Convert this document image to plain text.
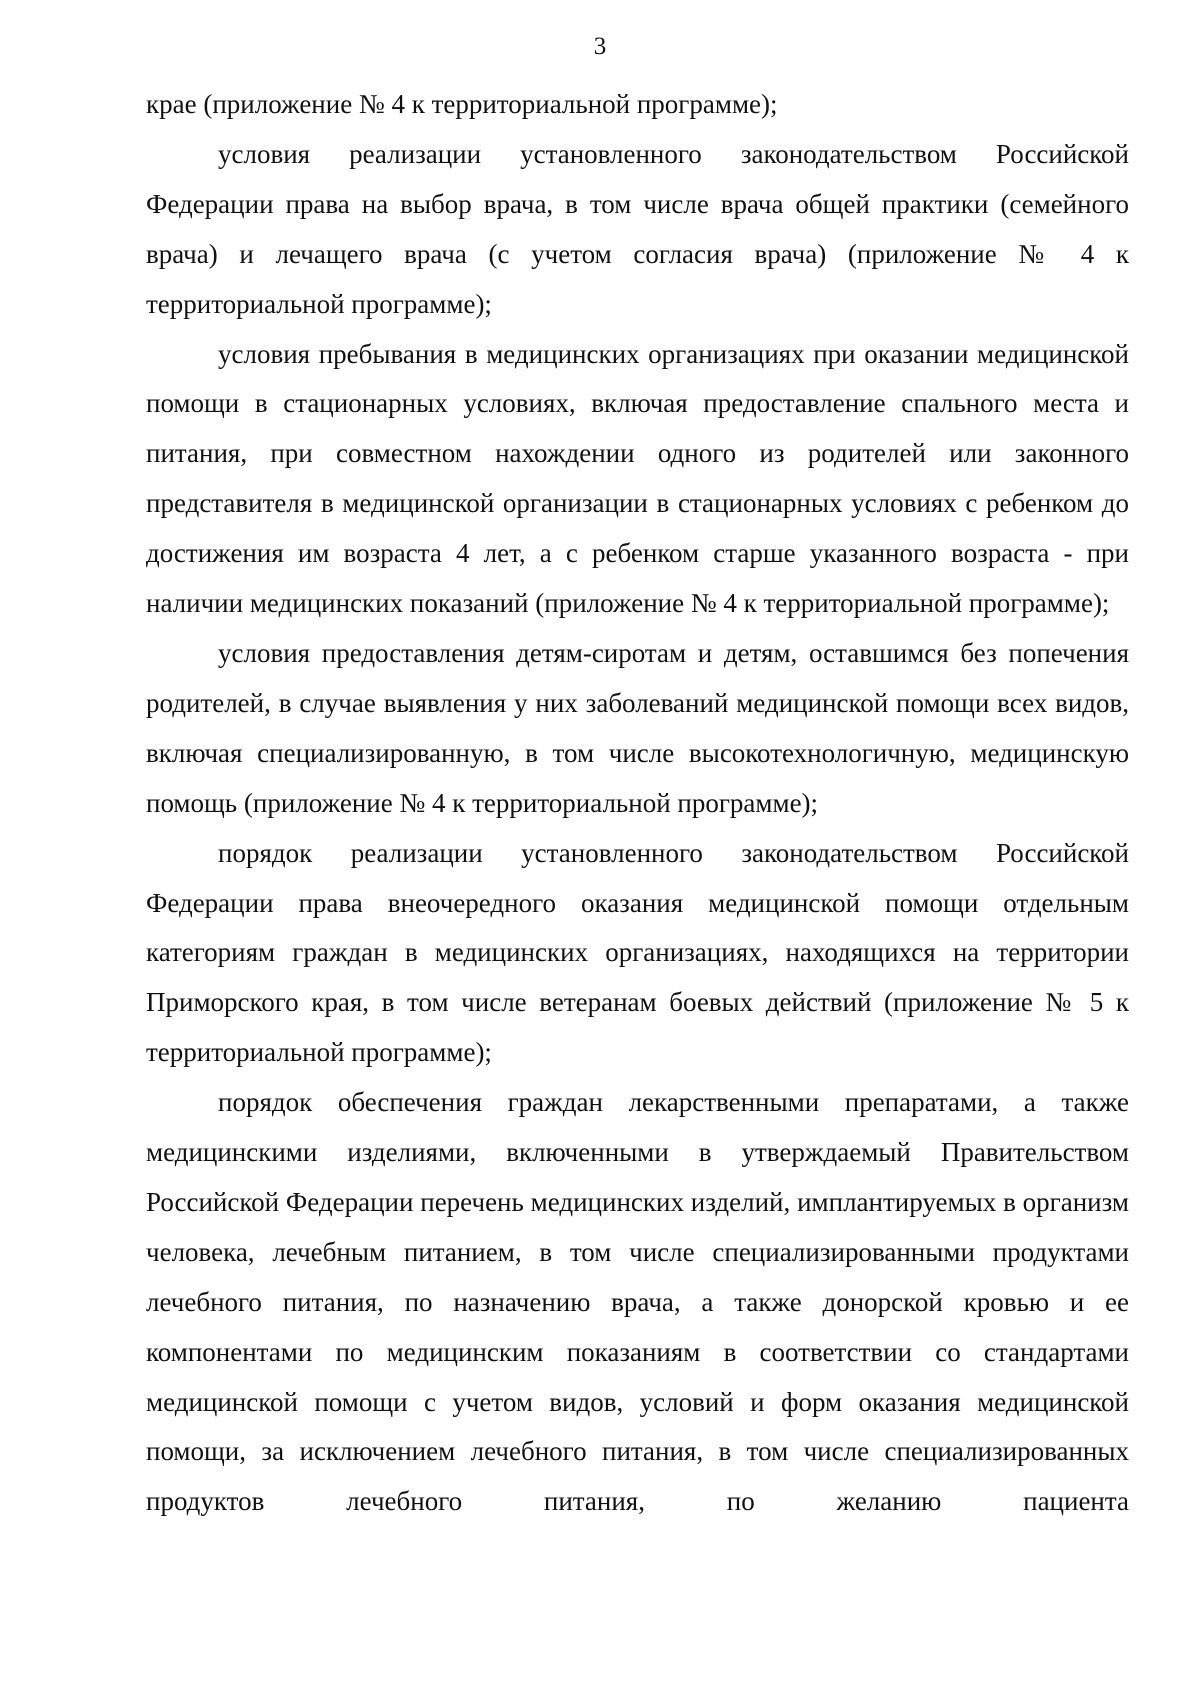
3

крае (приложение № 4 к территориальной программе);

условия реализации установленного законодательством Российской Федерации права на выбор врача, в том числе врача общей практики (семейного врача) и лечащего врача (с учетом согласия врача) (приложение № 4 к территориальной программе);

условия пребывания в медицинских организациях при оказании медицинской помощи в стационарных условиях, включая предоставление спального места и питания, при совместном нахождении одного из родителей или законного представителя в медицинской организации в стационарных условиях с ребенком до достижения им возраста 4 лет, а с ребенком старше указанного возраста - при наличии медицинских показаний (приложение № 4 к территориальной программе);

условия предоставления детям-сиротам и детям, оставшимся без попечения родителей, в случае выявления у них заболеваний медицинской помощи всех видов, включая специализированную, в том числе высокотехнологичную, медицинскую помощь (приложение № 4 к территориальной программе);

порядок реализации установленного законодательством Российской Федерации права внеочередного оказания медицинской помощи отдельным категориям граждан в медицинских организациях, находящихся на территории Приморского края, в том числе ветеранам боевых действий (приложение № 5 к территориальной программе);

порядок обеспечения граждан лекарственными препаратами, а также медицинскими изделиями, включенными в утверждаемый Правительством Российской Федерации перечень медицинских изделий, имплантируемых в организм человека, лечебным питанием, в том числе специализированными продуктами лечебного питания, по назначению врача, а также донорской кровью и ее компонентами по медицинским показаниям в соответствии со стандартами медицинской помощи с учетом видов, условий и форм оказания медицинской помощи, за исключением лечебного питания, в том числе специализированных продуктов лечебного питания, по желанию пациента
